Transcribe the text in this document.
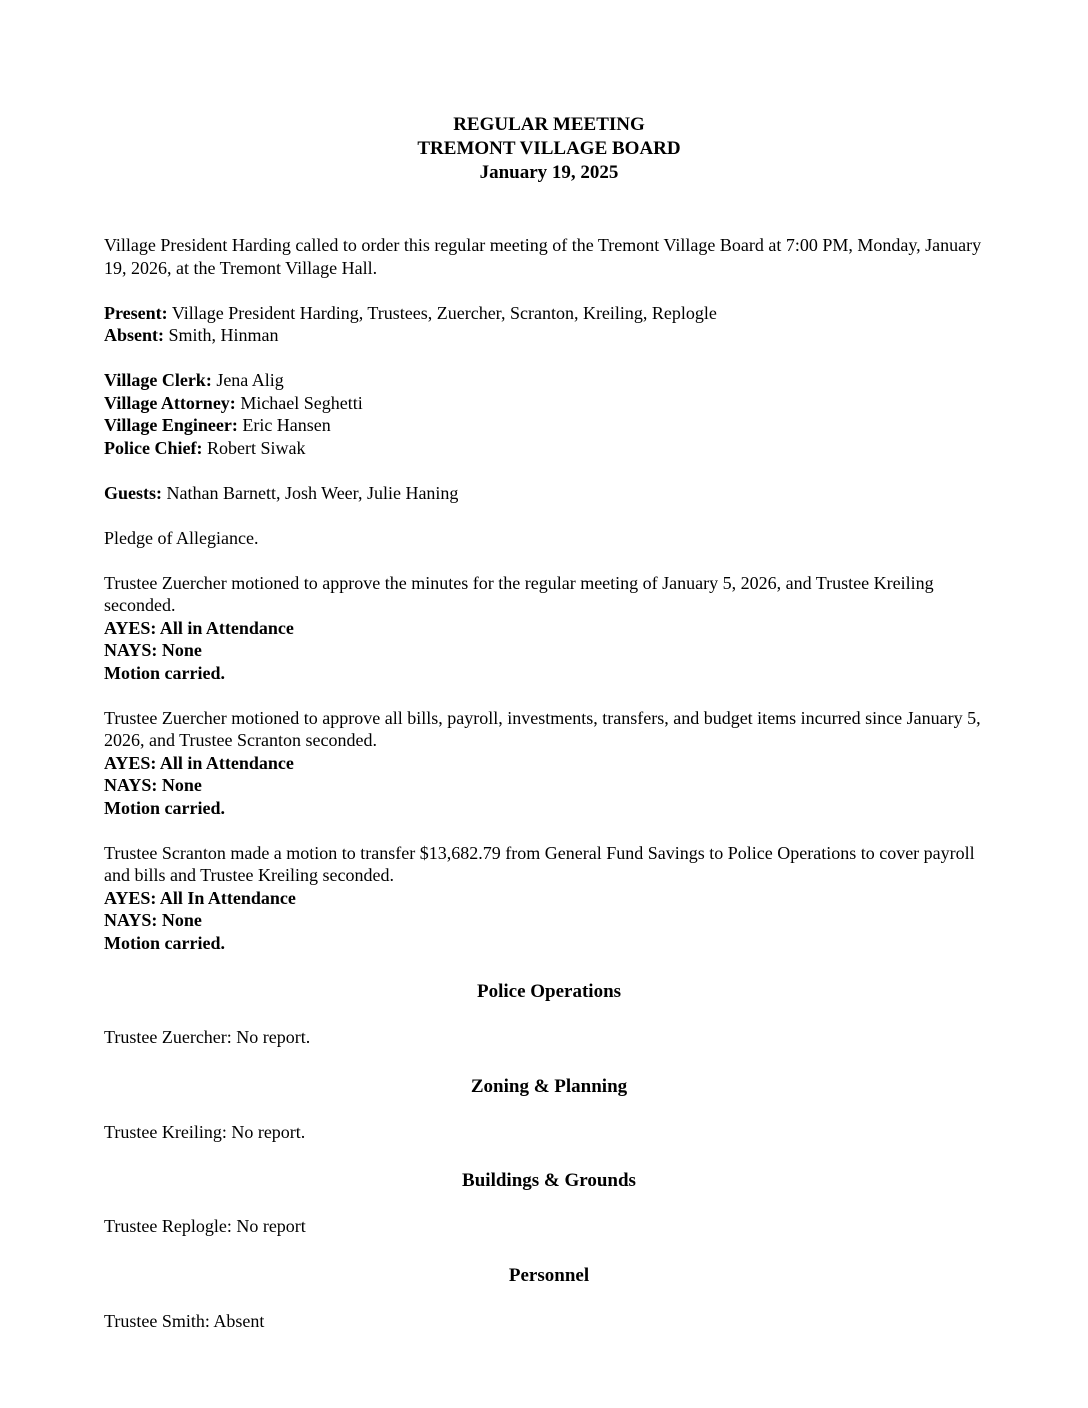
REGULAR MEETING
TREMONT VILLAGE BOARD
January 19, 2025

Village President Harding called to order this regular meeting of the Tremont Village Board at 7:00 PM, Monday, January 19, 2026, at the Tremont Village Hall.

Present: Village President Harding, Trustees, Zuercher, Scranton, Kreiling, Replogle
Absent: Smith, Hinman

Village Clerk: Jena Alig
Village Attorney: Michael Seghetti
Village Engineer: Eric Hansen
Police Chief: Robert Siwak

Guests: Nathan Barnett, Josh Weer, Julie Haning

Pledge of Allegiance.

Trustee Zuercher motioned to approve the minutes for the regular meeting of January 5, 2026, and Trustee Kreiling seconded.
AYES: All in Attendance
NAYS: None
Motion carried.

Trustee Zuercher motioned to approve all bills, payroll, investments, transfers, and budget items incurred since January 5, 2026, and Trustee Scranton seconded.
AYES: All in Attendance
NAYS: None
Motion carried.

Trustee Scranton made a motion to transfer $13,682.79 from General Fund Savings to Police Operations to cover payroll and bills and Trustee Kreiling seconded.
AYES: All In Attendance
NAYS: None
Motion carried.

Police Operations
Trustee Zuercher: No report.
Zoning & Planning
Trustee Kreiling: No report.
Buildings & Grounds
Trustee Replogle: No report
Personnel
Trustee Smith: Absent
